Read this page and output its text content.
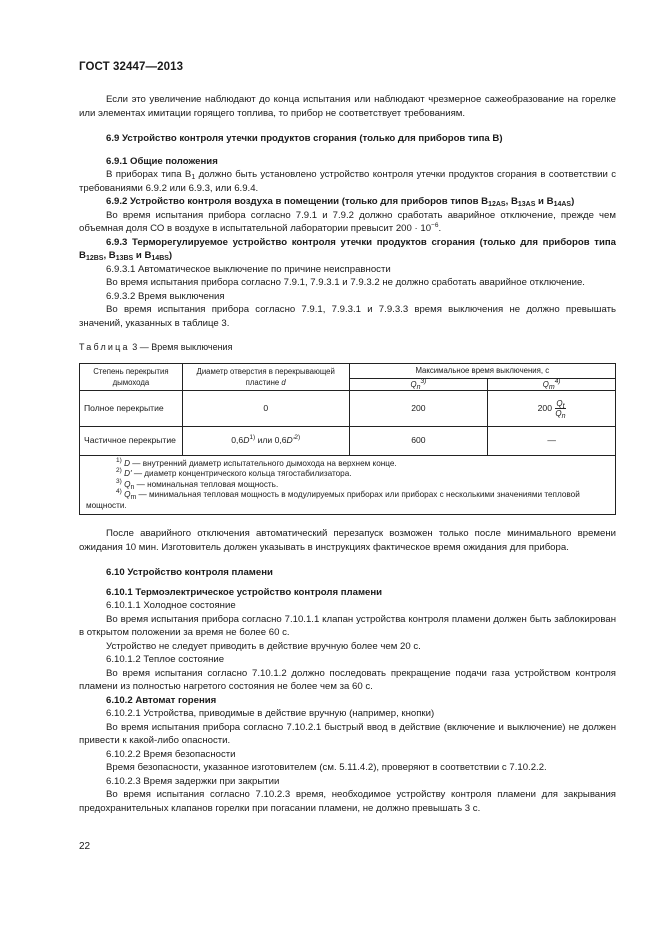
ГОСТ 32447—2013

Если это увеличение наблюдают до конца испытания или наблюдают чрезмерное сажеобразование на горелке или элементах имитации горящего топлива, то прибор не соответствует требованиям.

6.9 Устройство контроля утечки продуктов сгорания (только для приборов типа В)

6.9.1 Общие положения

В приборах типа $В_1$ должно быть установлено устройство контроля утечки продуктов сгорания в соответствии с требованиями 6.9.2 или 6.9.3, или 6.9.4.

6.9.2 Устройство контроля воздуха в помещении (только для приборов типов $В_{12AS}$, $В_{13AS}$ и $В_{14AS}$)

Во время испытания прибора согласно 7.9.1 и 7.9.2 должно сработать аварийное отключение, прежде чем объемная доля СО в воздухе в испытательной лаборатории превысит $200 \cdot 10^{-6}$.

6.9.3 Терморегулируемое устройство контроля утечки продуктов сгорания (только для приборов типа $В_{12BS}$, $В_{13BS}$ и $В_{14BS}$)

6.9.3.1 Автоматическое выключение по причине неисправности

Во время испытания прибора согласно 7.9.1, 7.9.3.1 и 7.9.3.2 не должно сработать аварийное отключение.

6.9.3.2 Время выключения

Во время испытания прибора согласно 7.9.1, 7.9.3.1 и 7.9.3.3 время выключения не должно превышать значений, указанных в таблице 3.

Таблица 3 — Время выключения

Степень перекрытия дымохода	Диаметр отверстия в перекрывающей пластине d	Максимальное время выключения, с	
		$Q_n^{3)}$	$Q_m^{4)}$
Полное перекрытие	0	200	$200 \frac{Q_t}{Q_n}$

Частичное перекрытие	$0,6D^{1)}$ или $0,6D'^{2)}$	600	—

$^{1)}$ D — внутренний диаметр испытательного дымохода на верхнем конце.
$^{2)}$ D' — диаметр концентрического кольца тягостабилизатора.
$^{3)}$ $Q_n$ — номинальная тепловая мощность.
$^{4)}$ $Q_m$ — минимальная тепловая мощность в модулируемых приборах или приборах с несколькими значениями тепловой мощности.			

После аварийного отключения автоматический перезапуск возможен только после минимального времени ожидания 10 мин. Изготовитель должен указывать в инструкциях фактическое время ожидания для прибора.

6.10 Устройство контроля пламени

6.10.1 Термоэлектрическое устройство контроля пламени

6.10.1.1 Холодное состояние

Во время испытания прибора согласно 7.10.1.1 клапан устройства контроля пламени должен быть заблокирован в открытом положении за время не более 60 с.

Устройство не следует приводить в действие вручную более чем 20 с.

6.10.1.2 Теплое состояние

Во время испытания согласно 7.10.1.2 должно последовать прекращение подачи газа устройством контроля пламени из полностью нагретого состояния не более чем за 60 с.

6.10.2 Автомат горения

6.10.2.1 Устройства, приводимые в действие вручную (например, кнопки)

Во время испытания прибора согласно 7.10.2.1 быстрый ввод в действие (включение и выключение) не должен привести к какой-либо опасности.

6.10.2.2 Время безопасности

Время безопасности, указанное изготовителем (см. 5.11.4.2), проверяют в соответствии с 7.10.2.2.

6.10.2.3 Время задержки при закрытии

Во время испытания согласно 7.10.2.3 время, необходимое устройству контроля пламени для закрывания предохранительных клапанов горелки при погасании пламени, не должно превышать 3 с.

22
